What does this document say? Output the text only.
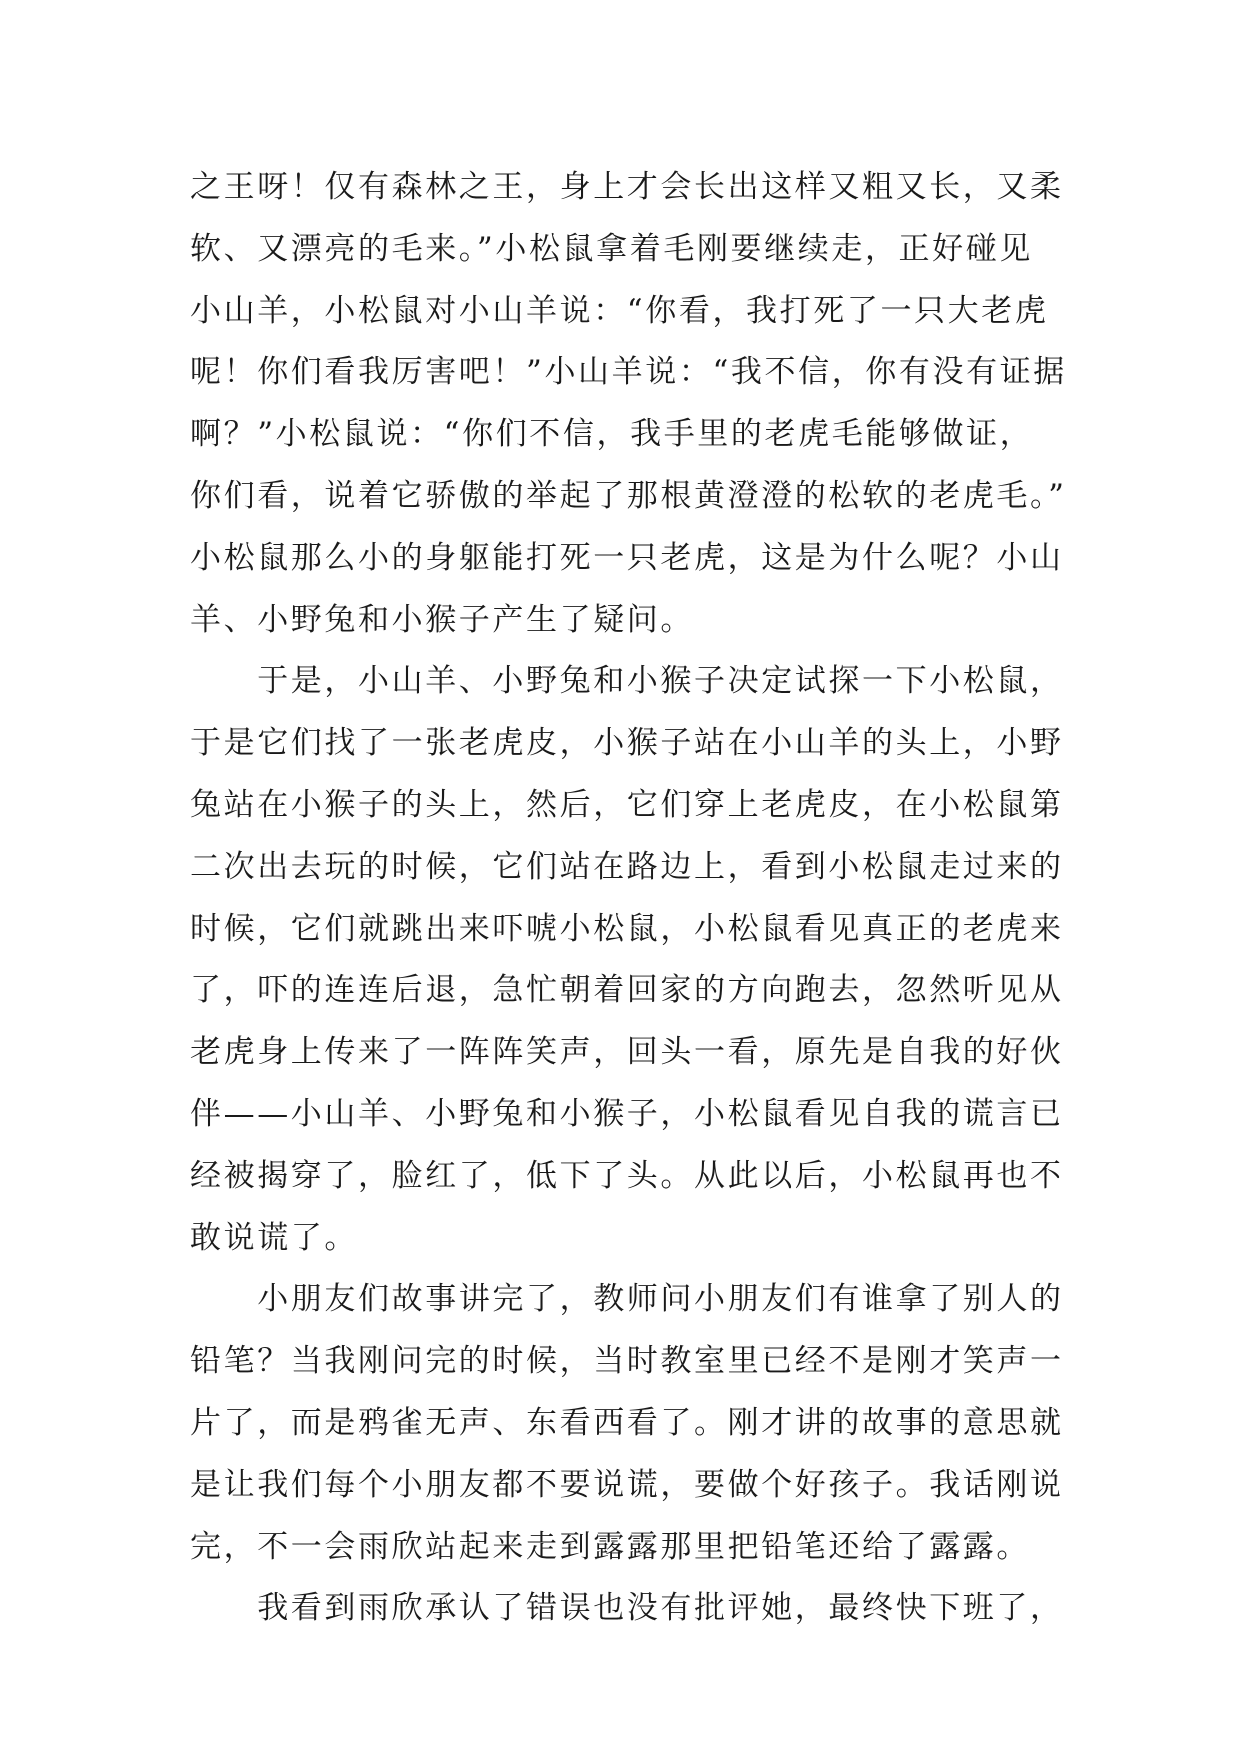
之王呀！仅有森林之王，身上才会长出这样又粗又长，又柔
软、又漂亮的毛来。”小松鼠拿着毛刚要继续走，正好碰见
小山羊，小松鼠对小山羊说：“你看，我打死了一只大老虎
呢！你们看我厉害吧！”小山羊说：“我不信，你有没有证据
啊？”小松鼠说：“你们不信，我手里的老虎毛能够做证，
你们看，说着它骄傲的举起了那根黄澄澄的松软的老虎毛。”
小松鼠那么小的身躯能打死一只老虎，这是为什么呢？小山
羊、小野兔和小猴子产生了疑问。
　　于是，小山羊、小野兔和小猴子决定试探一下小松鼠，
于是它们找了一张老虎皮，小猴子站在小山羊的头上，小野
兔站在小猴子的头上，然后，它们穿上老虎皮，在小松鼠第
二次出去玩的时候，它们站在路边上，看到小松鼠走过来的
时候，它们就跳出来吓唬小松鼠，小松鼠看见真正的老虎来
了，吓的连连后退，急忙朝着回家的方向跑去，忽然听见从
老虎身上传来了一阵阵笑声，回头一看，原先是自我的好伙
伴——小山羊、小野兔和小猴子，小松鼠看见自我的谎言已
经被揭穿了，脸红了，低下了头。从此以后，小松鼠再也不
敢说谎了。
　　小朋友们故事讲完了，教师问小朋友们有谁拿了别人的
铅笔？当我刚问完的时候，当时教室里已经不是刚才笑声一
片了，而是鸦雀无声、东看西看了。刚才讲的故事的意思就
是让我们每个小朋友都不要说谎，要做个好孩子。我话刚说
完，不一会雨欣站起来走到露露那里把铅笔还给了露露。
　　我看到雨欣承认了错误也没有批评她，最终快下班了，
